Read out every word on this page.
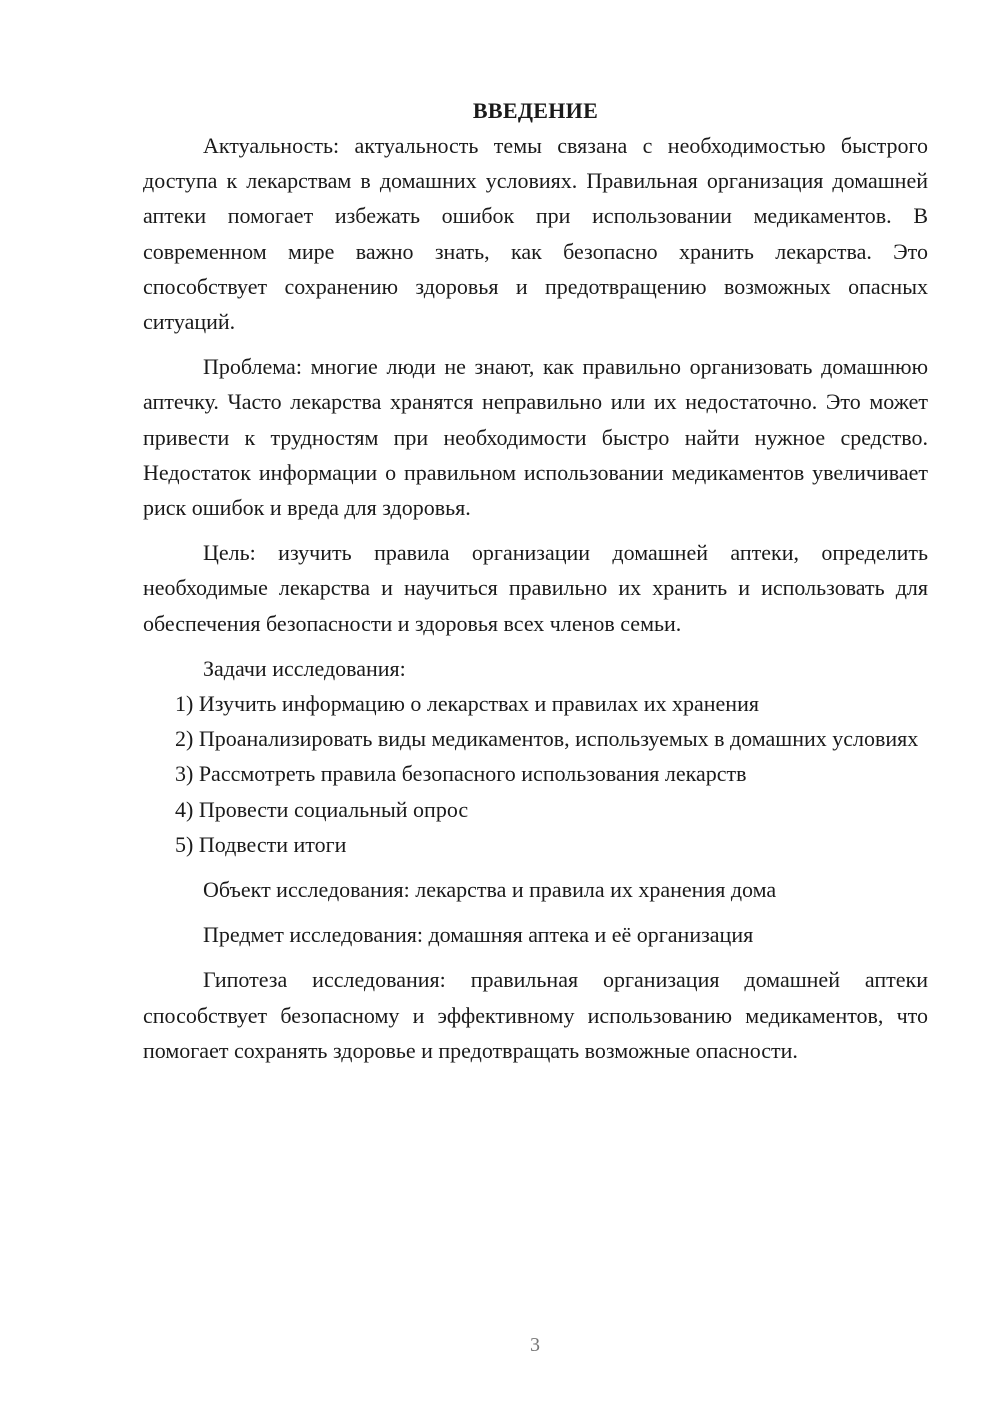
ВВЕДЕНИЕ

Актуальность: актуальность темы связана с необходимостью быстрого доступа к лекарствам в домашних условиях. Правильная организация домашней аптеки помогает избежать ошибок при использовании медикаментов. В современном мире важно знать, как безопасно хранить лекарства. Это способствует сохранению здоровья и предотвращению возможных опасных ситуаций.

Проблема: многие люди не знают, как правильно организовать домашнюю аптечку. Часто лекарства хранятся неправильно или их недостаточно. Это может привести к трудностям при необходимости быстро найти нужное средство. Недостаток информации о правильном использовании медикаментов увеличивает риск ошибок и вреда для здоровья.

Цель: изучить правила организации домашней аптеки, определить необходимые лекарства и научиться правильно их хранить и использовать для обеспечения безопасности и здоровья всех членов семьи.

Задачи исследования:

1) Изучить информацию о лекарствах и правилах их хранения

2) Проанализировать виды медикаментов, используемых в домашних условиях

3) Рассмотреть правила безопасного использования лекарств

4) Провести социальный опрос

5) Подвести итоги

Объект исследования: лекарства и правила их хранения дома

Предмет исследования: домашняя аптека и её организация

Гипотеза исследования: правильная организация домашней аптеки способствует безопасному и эффективному использованию медикаментов, что помогает сохранять здоровье и предотвращать возможные опасности.

3
